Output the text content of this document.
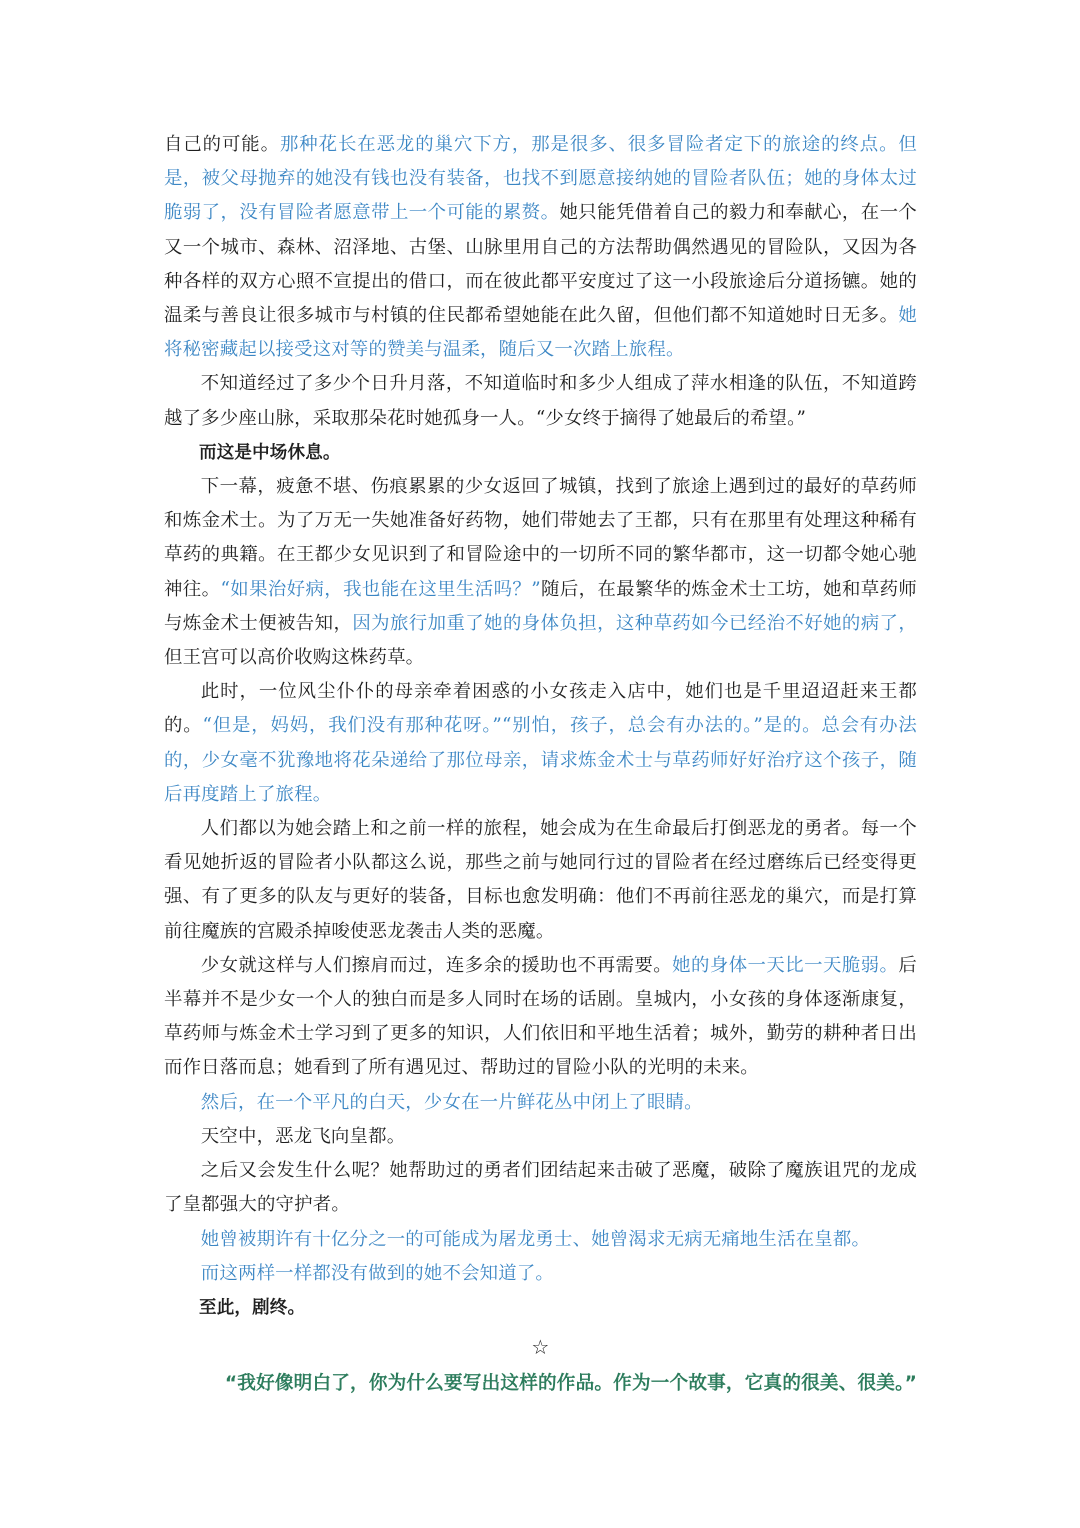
自己的可能。那种花长在恶龙的巢穴下方，那是很多、很多冒险者定下的旅途的终点。但是，被父母抛弃的她没有钱也没有装备，也找不到愿意接纳她的冒险者队伍；她的身体太过脆弱了，没有冒险者愿意带上一个可能的累赘。她只能凭借着自己的毅力和奉献心，在一个又一个城市、森林、沼泽地、古堡、山脉里用自己的方法帮助偶然遇见的冒险队，又因为各种各样的双方心照不宣提出的借口，而在彼此都平安度过了这一小段旅途后分道扬镳。她的温柔与善良让很多城市与村镇的住民都希望她能在此久留，但他们都不知道她时日无多。她将秘密藏起以接受这对等的赞美与温柔，随后又一次踏上旅程。

不知道经过了多少个日升月落，不知道临时和多少人组成了萍水相逢的队伍，不知道跨越了多少座山脉，采取那朵花时她孤身一人。“少女终于摘得了她最后的希望。”

而这是中场休息。

下一幕，疲惫不堪、伤痕累累的少女返回了城镇，找到了旅途上遇到过的最好的草药师和炼金术士。为了万无一失她准备好药物，她们带她去了王都，只有在那里有处理这种稀有草药的典籍。在王都少女见识到了和冒险途中的一切所不同的繁华都市，这一切都令她心驰神往。“如果治好病，我也能在这里生活吗？”随后，在最繁华的炼金术士工坊，她和草药师与炼金术士便被告知，因为旅行加重了她的身体负担，这种草药如今已经治不好她的病了，但王宫可以高价收购这株药草。

此时，一位风尘仆仆的母亲牵着困惑的小女孩走入店中，她们也是千里迢迢赶来王都的。“但是，妈妈，我们没有那种花呀。”“别怕，孩子，总会有办法的。”是的。总会有办法的，少女毫不犹豫地将花朵递给了那位母亲，请求炼金术士与草药师好好治疗这个孩子，随后再度踏上了旅程。

人们都以为她会踏上和之前一样的旅程，她会成为在生命最后打倒恶龙的勇者。每一个看见她折返的冒险者小队都这么说，那些之前与她同行过的冒险者在经过磨练后已经变得更强、有了更多的队友与更好的装备，目标也愈发明确：他们不再前往恶龙的巢穴，而是打算前往魔族的宫殿杀掉唆使恶龙袭击人类的恶魔。

少女就这样与人们擦肩而过，连多余的援助也不再需要。她的身体一天比一天脆弱。后半幕并不是少女一个人的独白而是多人同时在场的话剧。皇城内，小女孩的身体逐渐康复，草药师与炼金术士学习到了更多的知识，人们依旧和平地生活着；城外，勤劳的耕种者日出而作日落而息；她看到了所有遇见过、帮助过的冒险小队的光明的未来。

然后，在一个平凡的白天，少女在一片鲜花丛中闭上了眼睛。

天空中，恶龙飞向皇都。

之后又会发生什么呢？她帮助过的勇者们团结起来击破了恶魔，破除了魔族诅咒的龙成了皇都强大的守护者。

她曾被期许有十亿分之一的可能成为屠龙勇士、她曾渴求无病无痛地生活在皇都。

而这两样一样都没有做到的她不会知道了。

至此，剧终。

☆

“我好像明白了，你为什么要写出这样的作品。作为一个故事，它真的很美、很美。”
